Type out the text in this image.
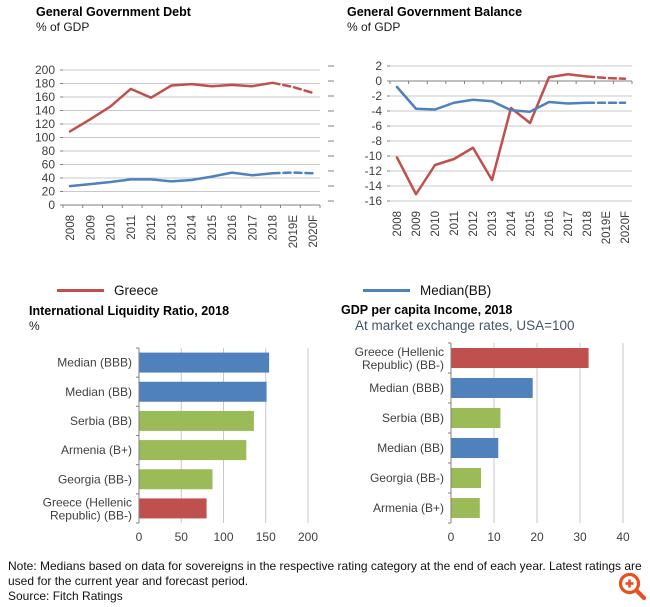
General Government Debt
% of GDP
200
180
160
140
120
100
80
60
40
20
0
2008 2009 2010 2011 2012 2013 2014 2015 2016 2017 2018 2019E 2020F
General Government Balance
% of GDP
2
0
-2
-4
-6
-8
-10
-12
-14
-16
2008 2009 2010 2011 2012 2013 2014 2015 2016 2017 2018 2019E 2020F
Greece	Median(BB)
International Liquidity Ratio, 2018
%
0	50 100 150 200
Median (BBB)
Median (BB)
Serbia (BB)
Armenia (B+)
Georgia (BB-)
Greece (Hellenic
Republic) (BB-)
GDP per capita Income, 2018
At market exchange rates, USA=100
0	10 20 30 40
Greece (Hellenic
Republic) (BB-)
Median (BBB)
Serbia (BB)
Median (BB)
Georgia (BB-)
Armenia (B+)
Note: Medians based on data for sovereigns in the respective rating category at the end of each year. Latest ratings are used for the current year and forecast period.
Source: Fitch Ratings
